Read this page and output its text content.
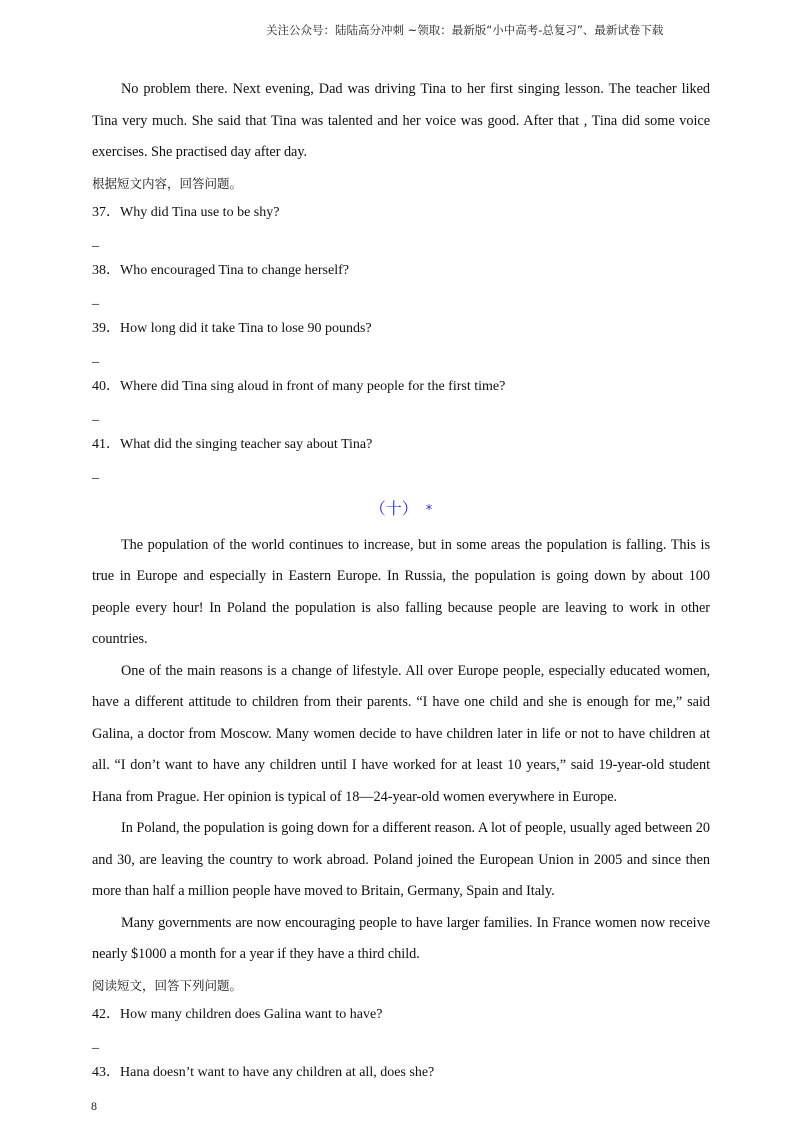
关注公众号：陆陆高分冲刺 ~领取：最新版“小中高考-总复习”、最新试卷下载

No problem there. Next evening, Dad was driving Tina to her first singing lesson. The teacher liked Tina very much. She said that Tina was talented and her voice was good. After that , Tina did some voice exercises. She practised day after day.

根据短文内容，回答问题。

37．Why did Tina use to be shy?

_

38．Who encouraged Tina to change herself?

_

39．How long did it take Tina to lose 90 pounds?

_

40．Where did Tina sing aloud in front of many people for the first time?

_

41．What did the singing teacher say about Tina?

_

（十） *

The population of the world continues to increase, but in some areas the population is falling. This is true in Europe and especially in Eastern Europe. In Russia, the population is going down by about 100 people every hour! In Poland the population is also falling because people are leaving to work in other countries.

One of the main reasons is a change of lifestyle. All over Europe people, especially educated women, have a different attitude to children from their parents. “I have one child and she is enough for me,” said Galina, a doctor from Moscow. Many women decide to have children later in life or not to have children at all. “I don’t want to have any children until I have worked for at least 10 years,” said 19-year-old student Hana from Prague. Her opinion is typical of 18—24-year-old women everywhere in Europe.

In Poland, the population is going down for a different reason. A lot of people, usually aged between 20 and 30, are leaving the country to work abroad. Poland joined the European Union in 2005 and since then more than half a million people have moved to Britain, Germany, Spain and Italy.

Many governments are now encouraging people to have larger families. In France women now receive nearly $1000 a month for a year if they have a third child.

阅读短文，回答下列问题。

42．How many children does Galina want to have?

_

43．Hana doesn’t want to have any children at all, does she?

8
